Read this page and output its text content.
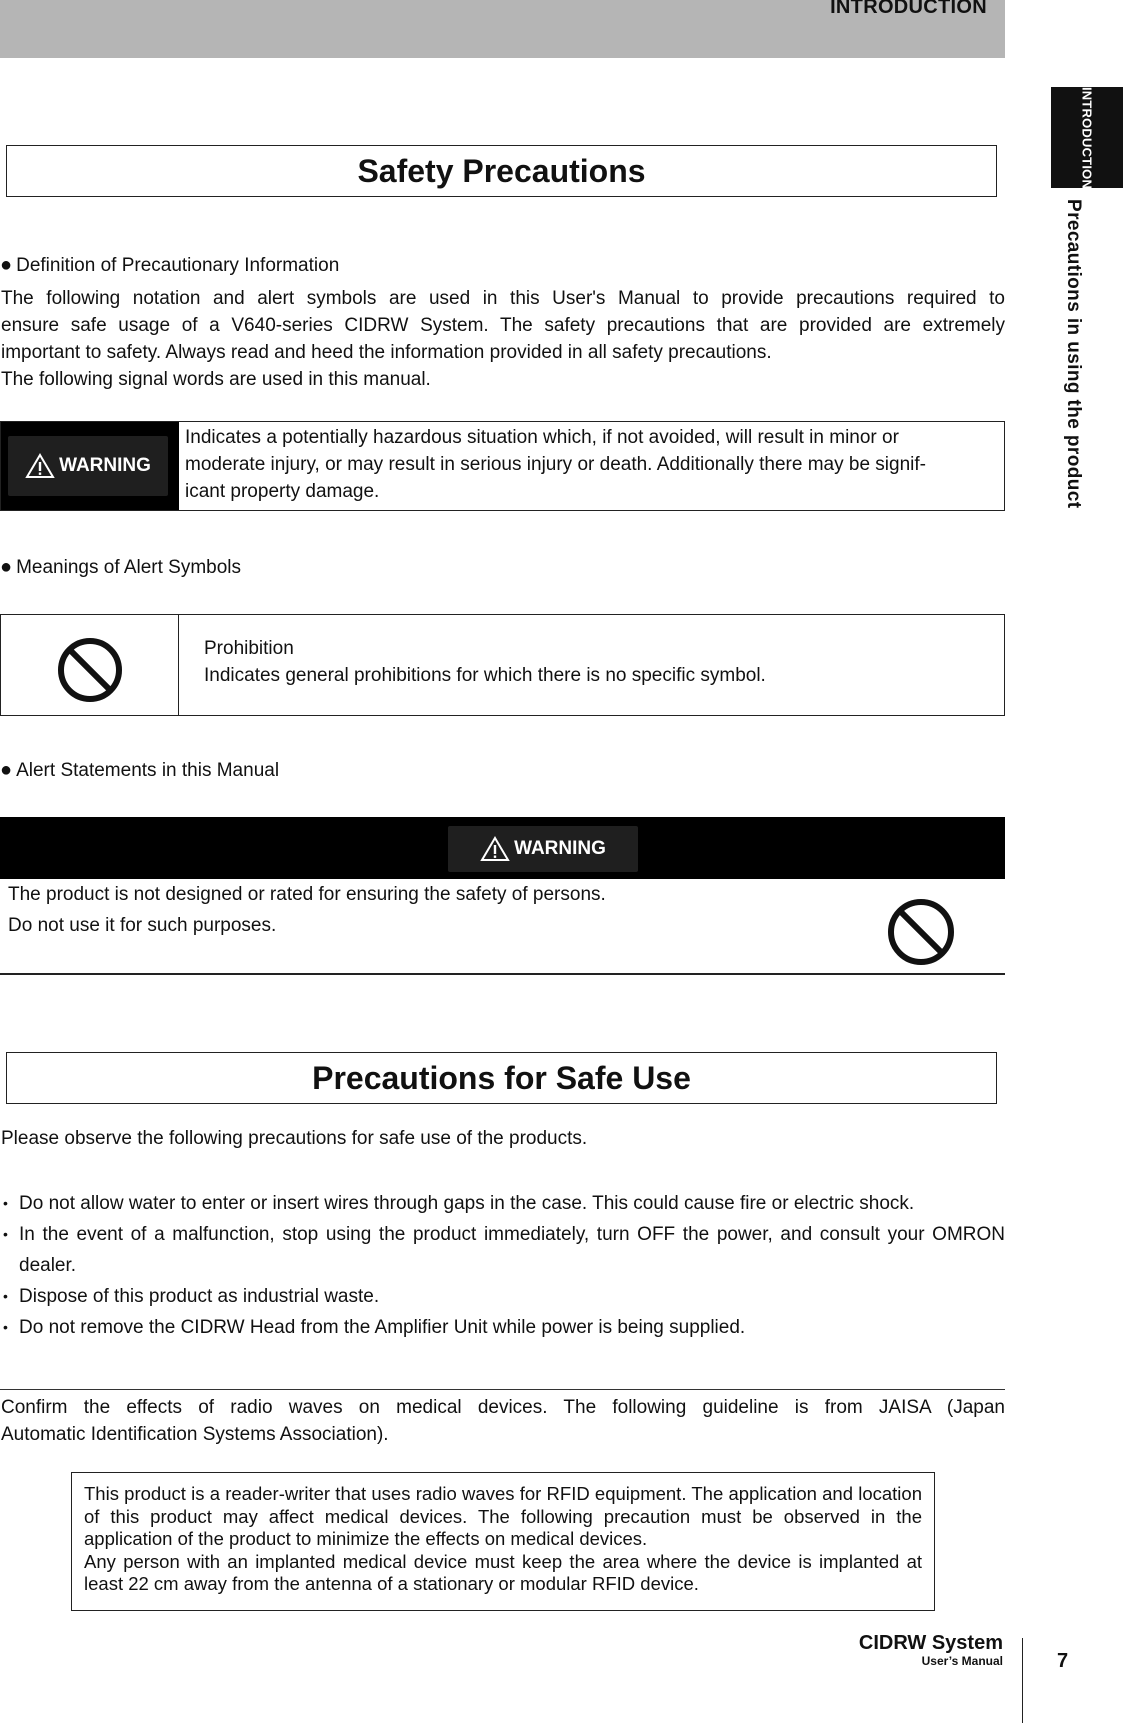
INTRODUCTION
INTRODUCTION
Precautions in using the product
Safety Precautions
● Definition of Precautionary Information
The following notation and alert symbols are used in this User's Manual to provide precautions required to
ensure safe usage of a V640-series CIDRW System. The safety precautions that are provided are extremely
important to safety. Always read and heed the information provided in all safety precautions.
The following signal words are used in this manual.
WARNING
Indicates a potentially hazardous situation which, if not avoided, will result in minor or
moderate injury, or may result in serious injury or death. Additionally there may be signif-
icant property damage.
● Meanings of Alert Symbols
Prohibition
Indicates general prohibitions for which there is no specific symbol.
● Alert Statements in this Manual
WARNING
The product is not designed or rated for ensuring the safety of persons.
Do not use it for such purposes.
Precautions for Safe Use
Please observe the following precautions for safe use of the products.
• Do not allow water to enter or insert wires through gaps in the case. This could cause fire or electric shock.
• In the event of a malfunction, stop using the product immediately, turn OFF the power, and consult your OMRON dealer.
• Dispose of this product as industrial waste.
• Do not remove the CIDRW Head from the Amplifier Unit while power is being supplied.
Confirm the effects of radio waves on medical devices. The following guideline is from JAISA (Japan
Automatic Identification Systems Association).
This product is a reader-writer that uses radio waves for RFID equipment. The application and location of this product may affect medical devices. The following precaution must be observed in the application of the product to minimize the effects on medical devices.
Any person with an implanted medical device must keep the area where the device is implanted at least 22 cm away from the antenna of a stationary or modular RFID device.
CIDRW System
User’s Manual	7
